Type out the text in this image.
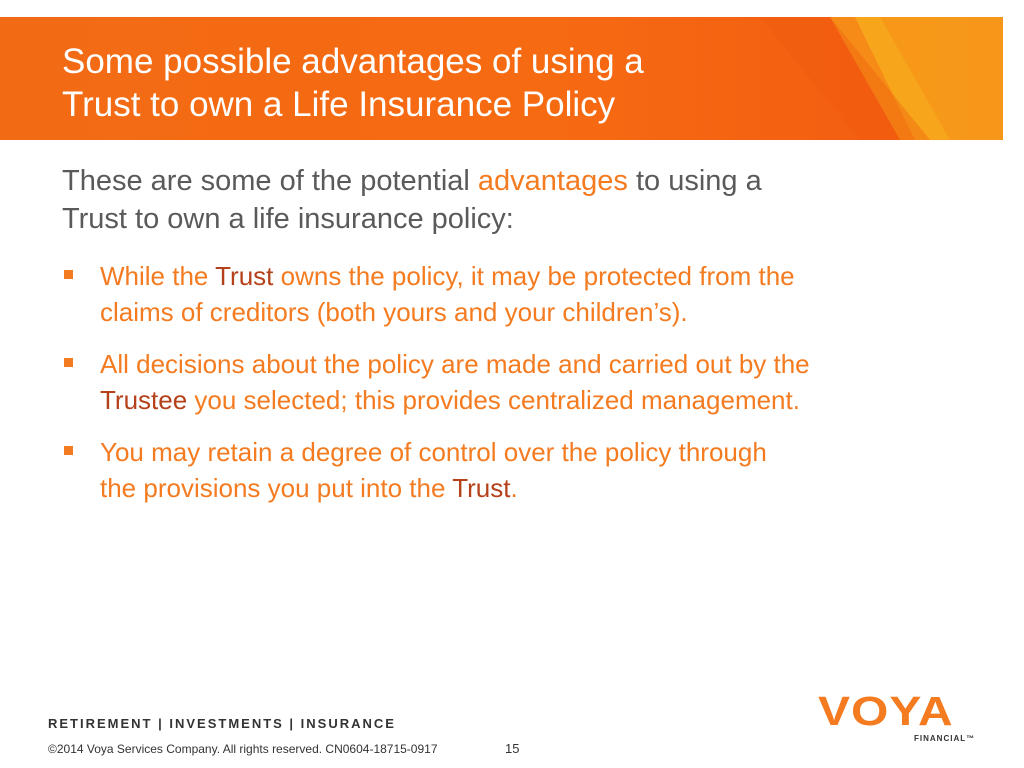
Some possible advantages of using a
Trust to own a Life Insurance Policy

These are some of the potential advantages to using a
Trust to own a life insurance policy:

While the Trust owns the policy, it may be protected from the
claims of creditors (both yours and your children’s).
All decisions about the policy are made and carried out by the
Trustee you selected; this provides centralized management.
You may retain a degree of control over the policy through
the provisions you put into the Trust.

RETIREMENT | INVESTMENTS | INSURANCE

©2014 Voya Services Company. All rights reserved. CN0604-18715-0917	15

VOYA
FINANCIAL™
